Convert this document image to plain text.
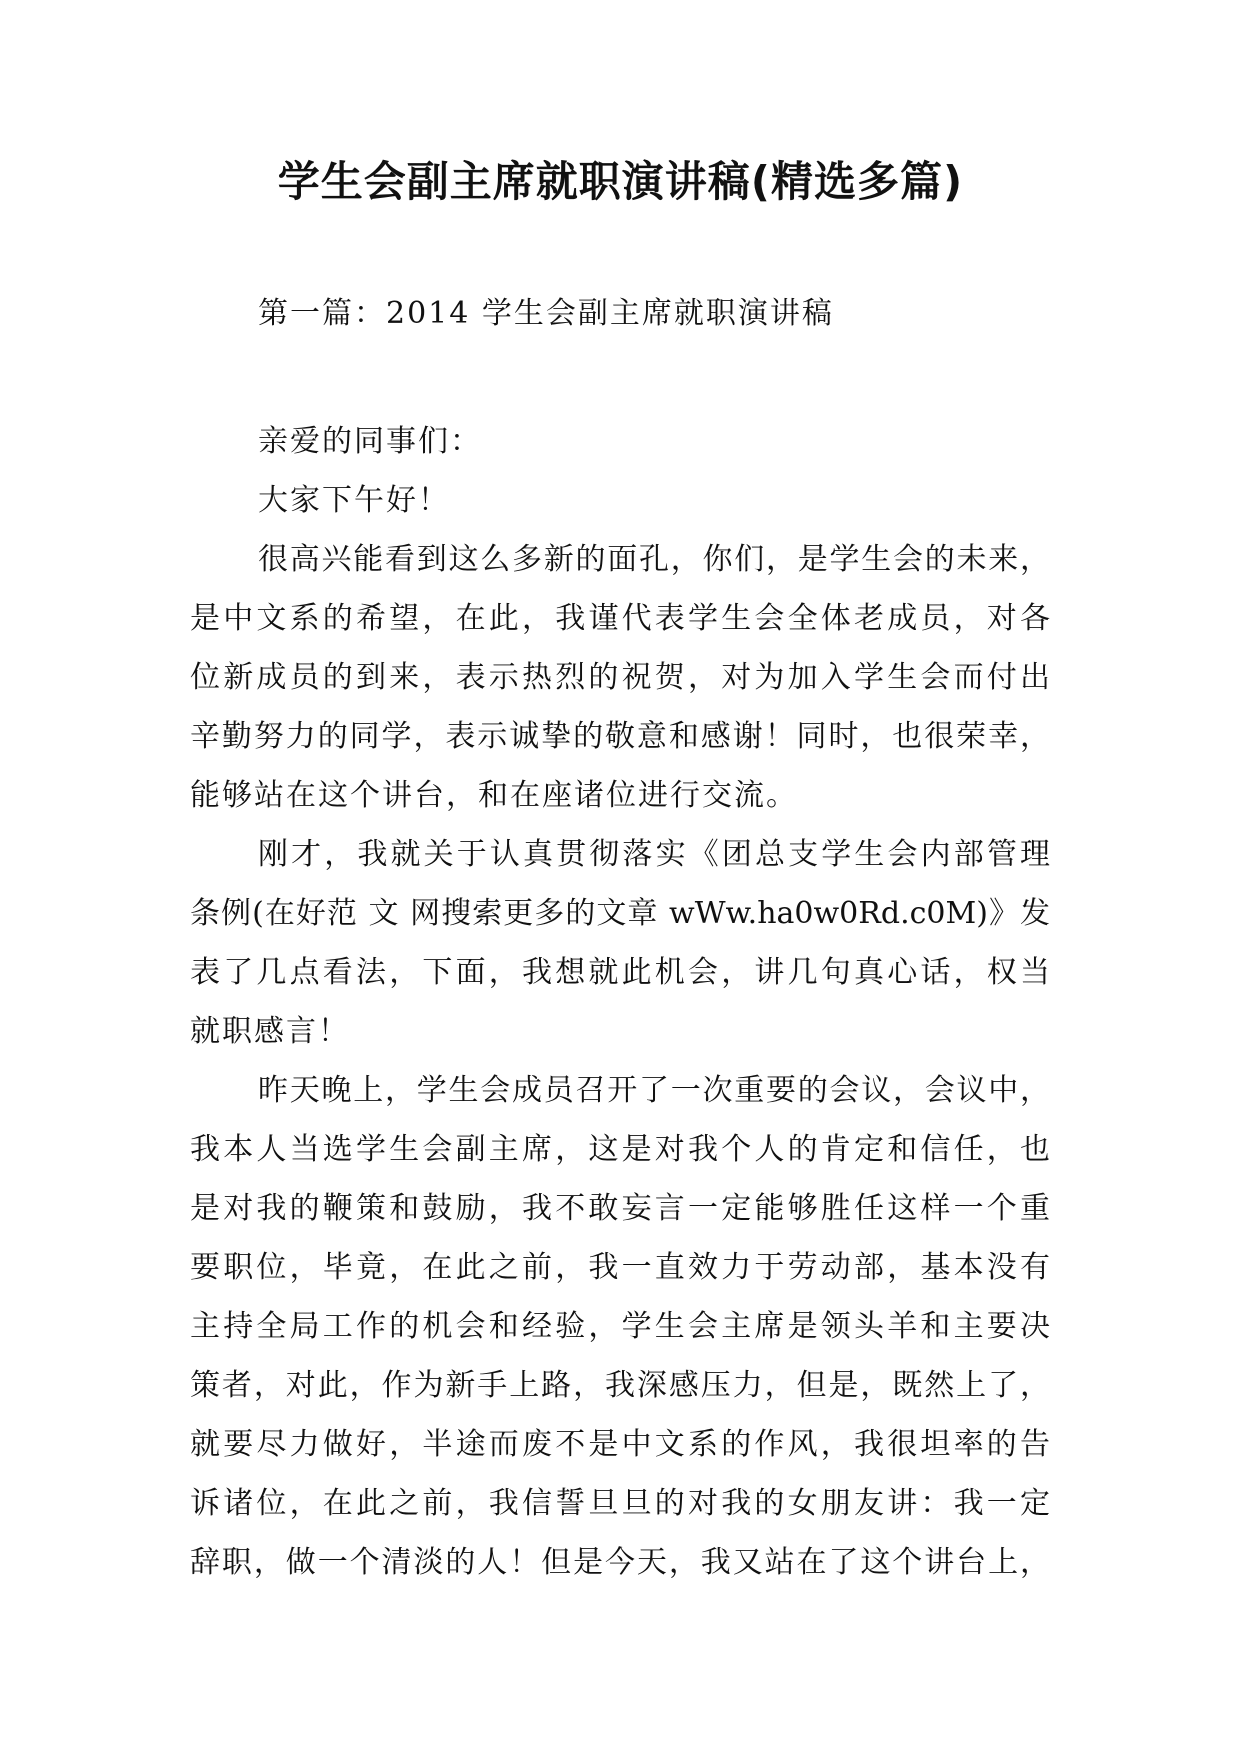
学生会副主席就职演讲稿(精选多篇)

第一篇：2014 学生会副主席就职演讲稿

亲爱的同事们：
大家下午好！
很高兴能看到这么多新的面孔，你们，是学生会的未来，
是中文系的希望，在此，我谨代表学生会全体老成员，对各
位新成员的到来，表示热烈的祝贺，对为加入学生会而付出
辛勤努力的同学，表示诚挚的敬意和感谢！同时，也很荣幸，
能够站在这个讲台，和在座诸位进行交流。
刚才，我就关于认真贯彻落实《团总支学生会内部管理
条例(在好范 文 网搜索更多的文章 wWw.ha0w0Rd.c0M)》发
表了几点看法，下面，我想就此机会，讲几句真心话，权当
就职感言！
昨天晚上，学生会成员召开了一次重要的会议，会议中，
我本人当选学生会副主席，这是对我个人的肯定和信任，也
是对我的鞭策和鼓励，我不敢妄言一定能够胜任这样一个重
要职位，毕竟，在此之前，我一直效力于劳动部，基本没有
主持全局工作的机会和经验，学生会主席是领头羊和主要决
策者，对此，作为新手上路，我深感压力，但是，既然上了，
就要尽力做好，半途而废不是中文系的作风，我很坦率的告
诉诸位，在此之前，我信誓旦旦的对我的女朋友讲：我一定
辞职，做一个清淡的人！但是今天，我又站在了这个讲台上，
